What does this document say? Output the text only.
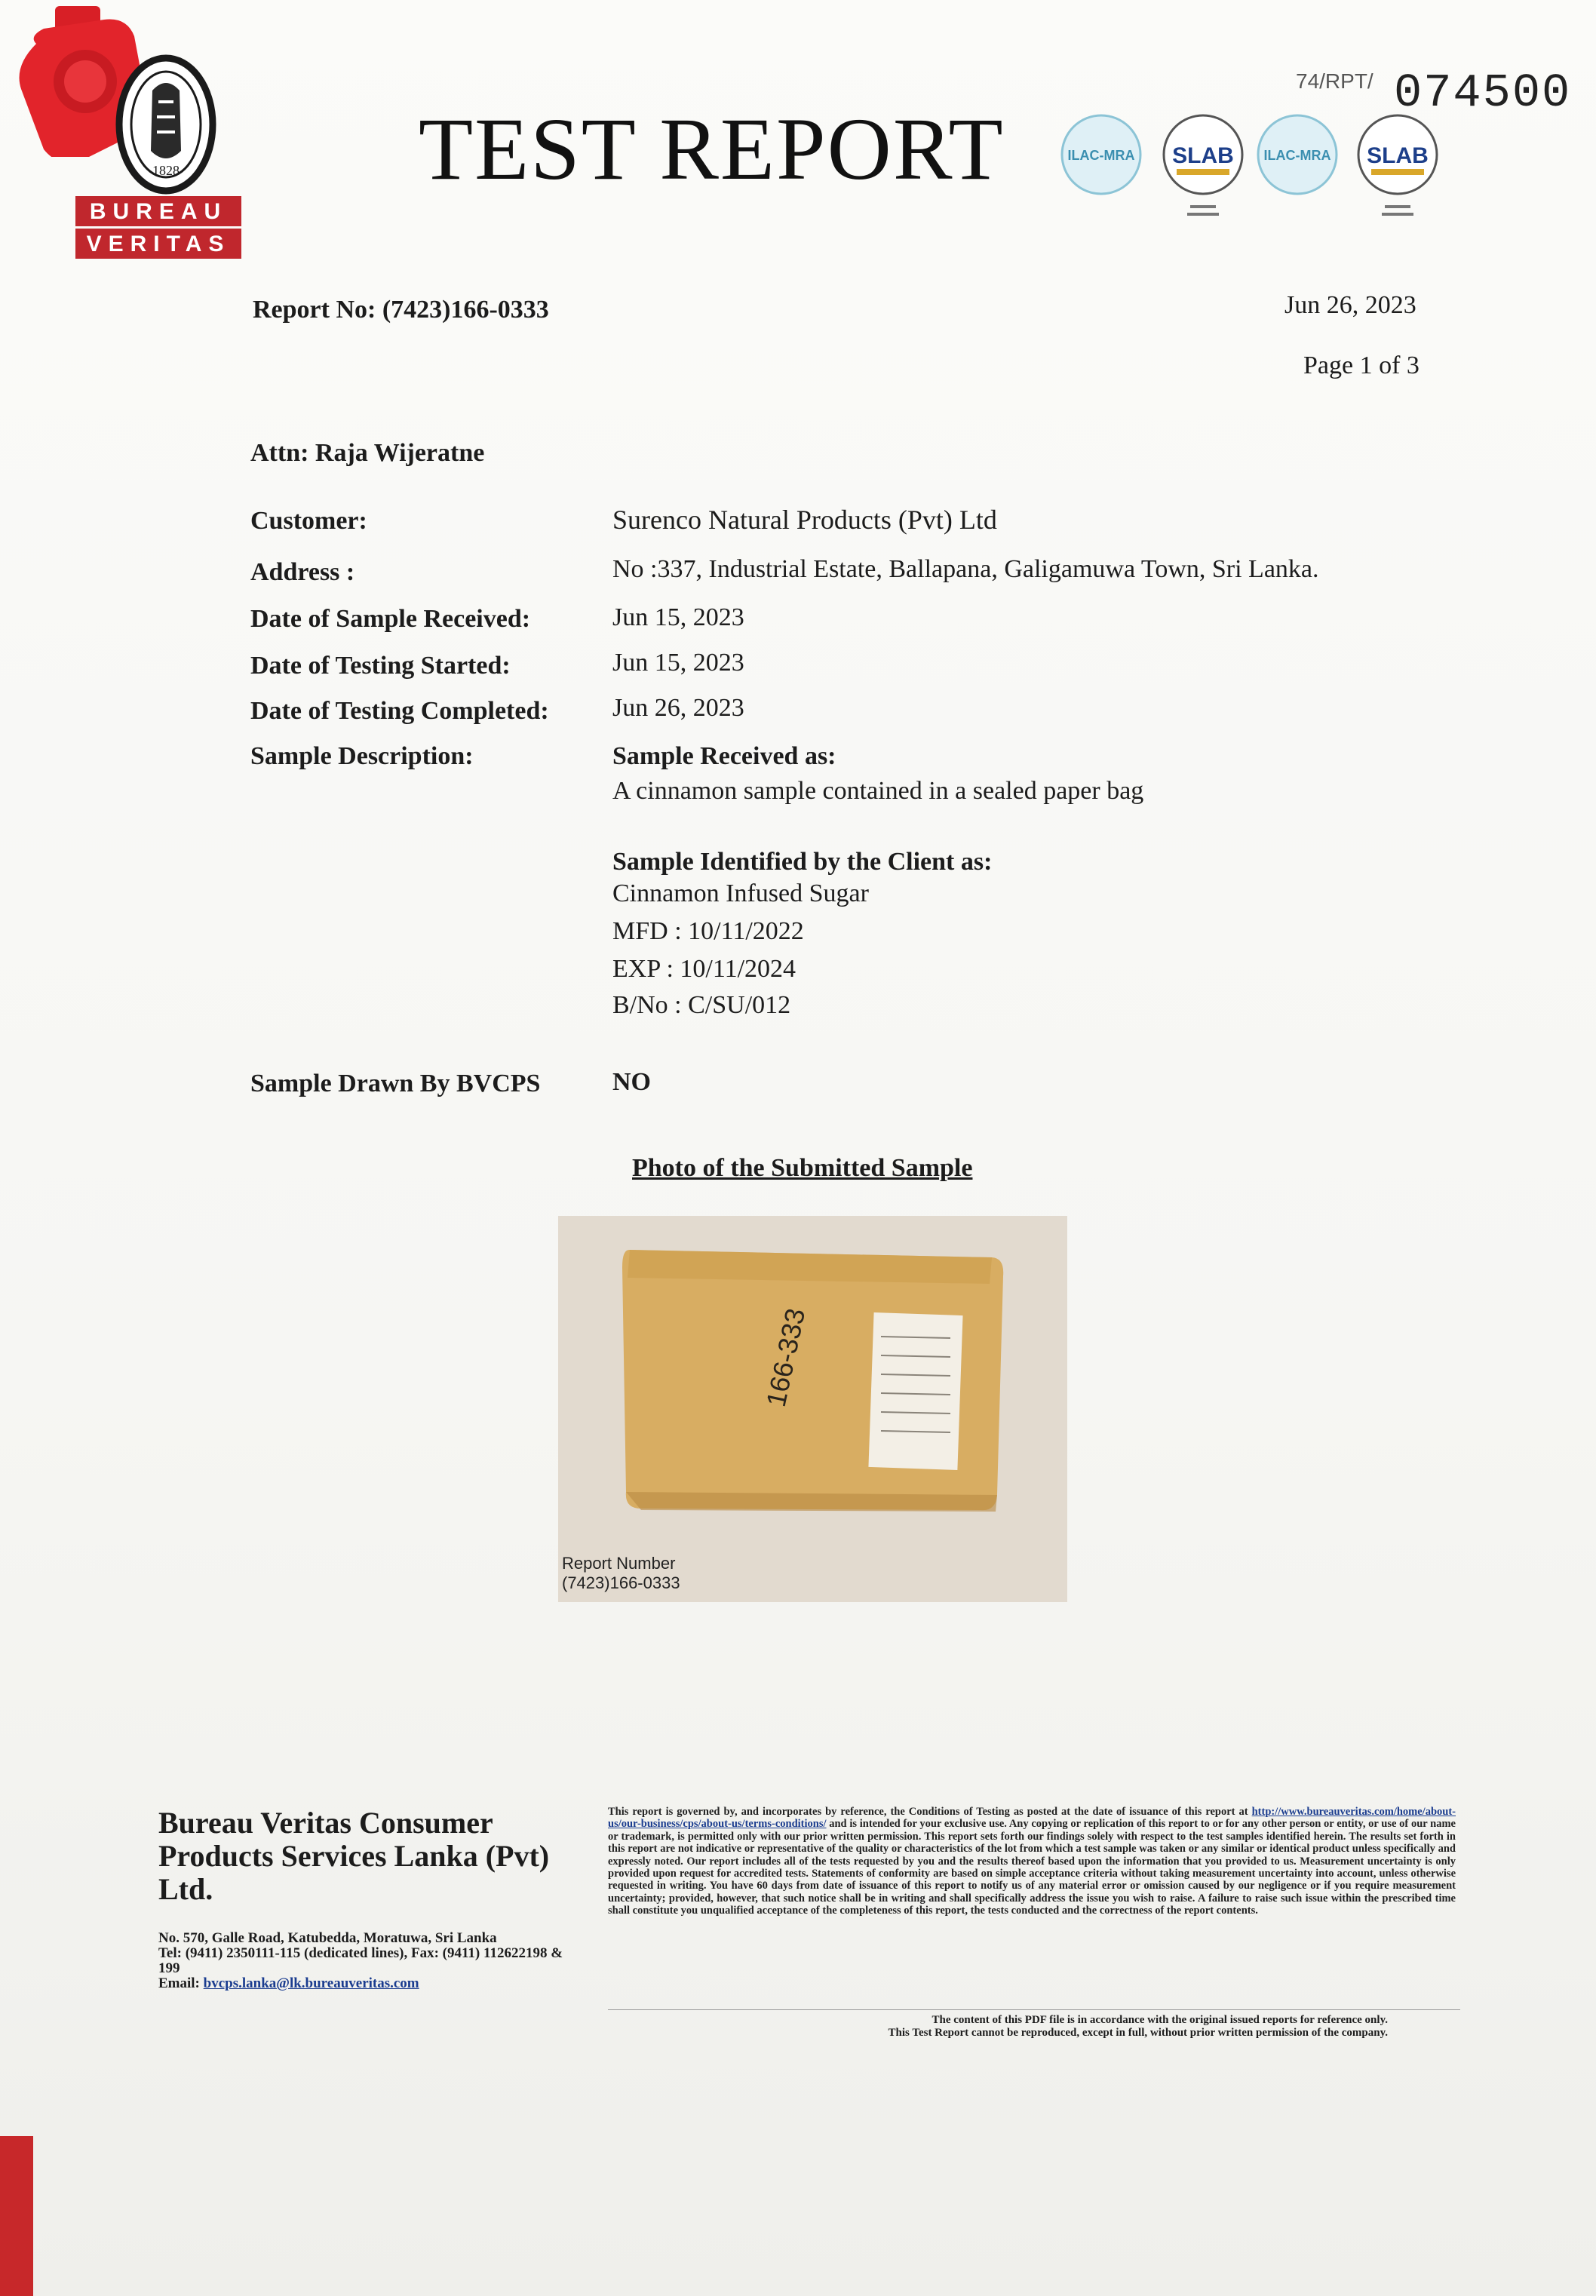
1828
BUREAU
VERITAS
TEST REPORT
74/RPT/ 074500
ILAC-MRA SLAB ILAC-MRA SLAB
Report No: (7423)166-0333	Jun 26, 2023
Page 1 of 3
Attn: Raja Wijeratne
Customer:	Surenco Natural Products (Pvt) Ltd
Address :	No :337, Industrial Estate, Ballapana, Galigamuwa Town, Sri Lanka.
Date of Sample Received:	Jun 15, 2023
Date of Testing Started:	Jun 15, 2023
Date of Testing Completed: Jun 26, 2023
Sample Description:	Sample Received as:
A cinnamon sample contained in a sealed paper bag
Sample Identified by the Client as:
Cinnamon Infused Sugar
MFD : 10/11/2022
EXP : 10/11/2024
B/No : C/SU/012
Sample Drawn By BVCPS	NO
Photo of the Submitted Sample
166-333
Report Number
(7423)166-0333
Bureau Veritas Consumer Products Services Lanka (Pvt) Ltd.
No. 570, Galle Road, Katubedda, Moratuwa, Sri Lanka
Tel: (9411) 2350111-115 (dedicated lines), Fax: (9411) 112622198 & 199
Email: bvcps.lanka@lk.bureauveritas.com
This report is governed by, and incorporates by reference, the Conditions of Testing as posted at the date of issuance of this report at http://www.bureauveritas.com/home/about-us/our-business/cps/about-us/terms-conditions/ and is intended for your exclusive use. Any copying or replication of this report to or for any other person or entity, or use of our name or trademark, is permitted only with our prior written permission. This report sets forth our findings solely with respect to the test samples identified herein. The results set forth in this report are not indicative or representative of the quality or characteristics of the lot from which a test sample was taken or any similar or identical product unless specifically and expressly noted. Our report includes all of the tests requested by you and the results thereof based upon the information that you provided to us. Measurement uncertainty is only provided upon request for accredited tests. Statements of conformity are based on simple acceptance criteria without taking measurement uncertainty into account, unless otherwise requested in writing. You have 60 days from date of issuance of this report to notify us of any material error or omission caused by our negligence or if you require measurement uncertainty; provided, however, that such notice shall be in writing and shall specifically address the issue you wish to raise. A failure to raise such issue within the prescribed time shall constitute you unqualified acceptance of the completeness of this report, the tests conducted and the correctness of the report contents.
The content of this PDF file is in accordance with the original issued reports for reference only.
This Test Report cannot be reproduced, except in full, without prior written permission of the company.
